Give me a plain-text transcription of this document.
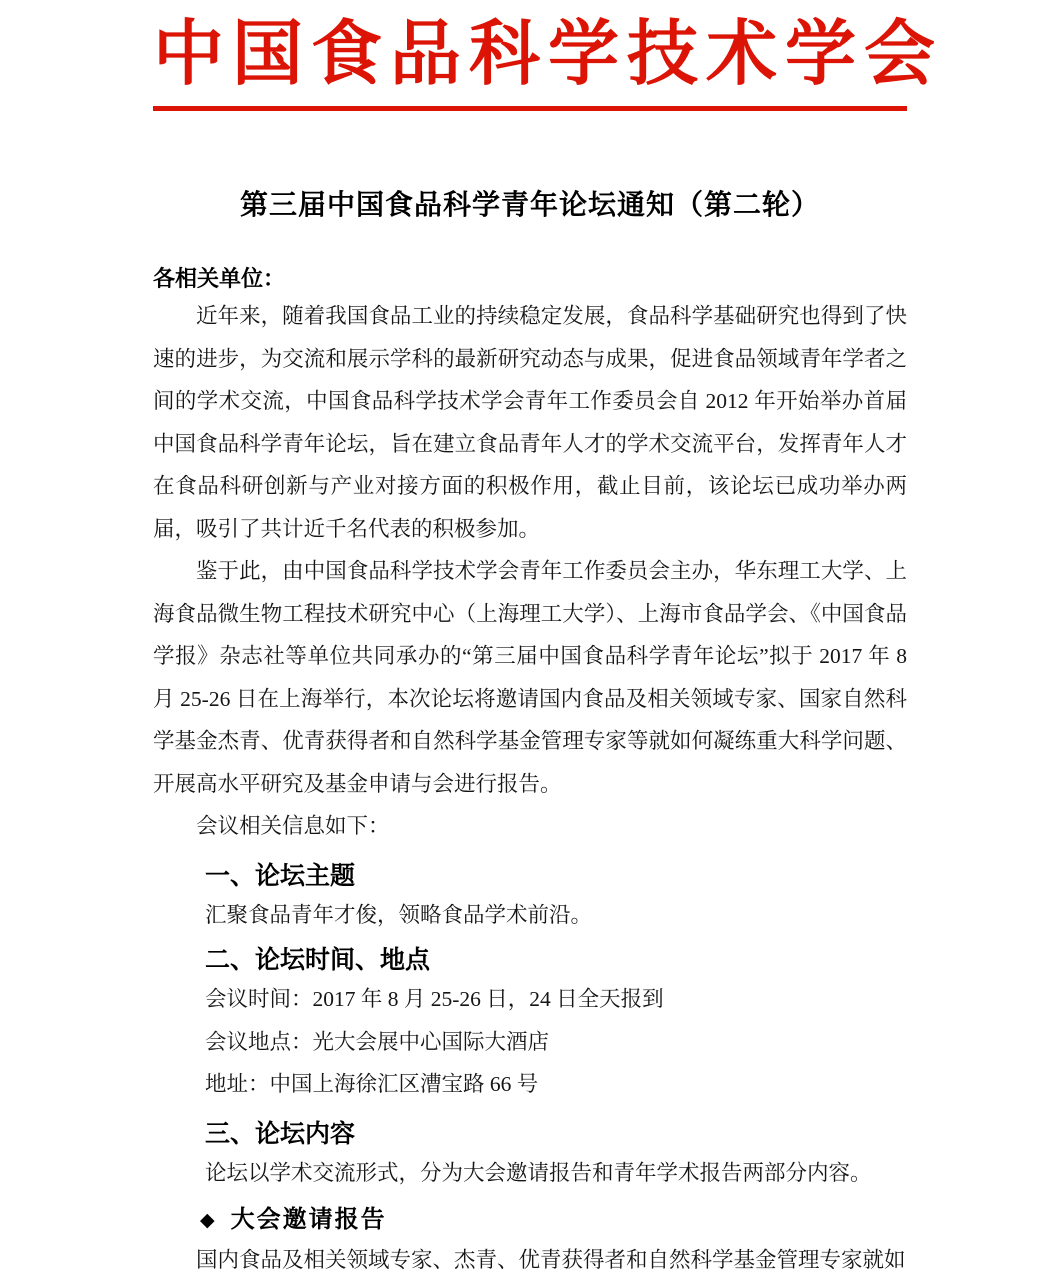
中国食品科学技术学会
第三届中国食品科学青年论坛通知（第二轮）
各相关单位：

近年来，随着我国食品工业的持续稳定发展，食品科学基础研究也得到了快速的进步，为交流和展示学科的最新研究动态与成果，促进食品领域青年学者之间的学术交流，中国食品科学技术学会青年工作委员会自 2012 年开始举办首届中国食品科学青年论坛，旨在建立食品青年人才的学术交流平台，发挥青年人才在食品科研创新与产业对接方面的积极作用，截止目前，该论坛已成功举办两届，吸引了共计近千名代表的积极参加。

鉴于此，由中国食品科学技术学会青年工作委员会主办，华东理工大学、上海食品微生物工程技术研究中心（上海理工大学）、上海市食品学会、《中国食品学报》杂志社等单位共同承办的“第三届中国食品科学青年论坛”拟于 2017 年 8 月 25-26 日在上海举行，本次论坛将邀请国内食品及相关领域专家、国家自然科学基金杰青、优青获得者和自然科学基金管理专家等就如何凝练重大科学问题、开展高水平研究及基金申请与会进行报告。

会议相关信息如下：

一、论坛主题
汇聚食品青年才俊，领略食品学术前沿。
二、论坛时间、地点
会议时间：2017 年 8 月 25-26 日，24 日全天报到
会议地点：光大会展中心国际大酒店
地址：中国上海徐汇区漕宝路 66 号
三、论坛内容
论坛以学术交流形式，分为大会邀请报告和青年学术报告两部分内容。
◆ 大会邀请报告

国内食品及相关领域专家、杰青、优青获得者和自然科学基金管理专家就如
